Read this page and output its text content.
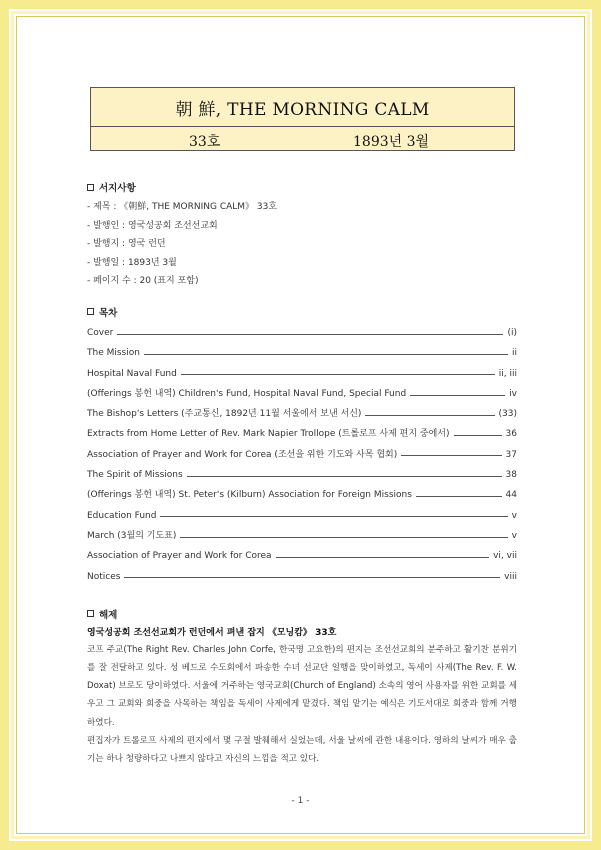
朝 鮮, THE MORNING CALM
33호	1893년 3월
서지사항
- 제목 : 《朝鮮, THE MORNING CALM》 33호
- 발행인 : 영국성공회 조선선교회
- 발행지 : 영국 런던
- 발행일 : 1893년 3월
- 페이지 수 : 20 (표지 포함)
목차
Cover	(i)
The Mission	ii
Hospital Naval Fund	ii, iii
(Offerings 봉헌 내역) Children's Fund, Hospital Naval Fund, Special Fund	iv
The Bishop's Letters (주교통신, 1892년 11월 서울에서 보낸 서신)	(33)
Extracts from Home Letter of Rev. Mark Napier Trollope (트롤로프 사제 편지 중에서)	36
Association of Prayer and Work for Corea (조선을 위한 기도와 사목 협회)	37
The Spirit of Missions	38
(Offerings 봉헌 내역) St. Peter's (Kilburn) Association for Foreign Missions	44
Education Fund	v
March (3월의 기도표)	v
Association of Prayer and Work for Corea	vi, vii
Notices	viii
해제
영국성공회 조선선교회가 런던에서 펴낸 잡지 《모닝캄》 33호

코프 주교(The Right Rev. Charles John Corfe, 한국명 고요한)의 편지는 조선선교회의 분주하고 활기찬 분위기를 잘 전달하고 있다. 성 베드로 수도회에서 파송한 수녀 선교단 일행을 맞이하였고, 독세이 사제(The Rev. F. W. Doxat) 브로도 당이하였다. 서울에 거주하는 영국교회(Church of England) 소속의 영어 사용자를 위한 교회를 세우고 그 교회와 회중을 사목하는 책임을 독세이 사제에게 맡겼다. 책임 맡기는 예식은 기도서대로 회중과 함께 거행하였다.

편집자가 트롤로프 사제의 편지에서 몇 구절 발췌해서 실었는데, 서울 날씨에 관한 내용이다. 영하의 날씨가 매우 춥기는 하나 청량하다고 나쁘지 않다고 자신의 느낌을 적고 있다.

- 1 -
